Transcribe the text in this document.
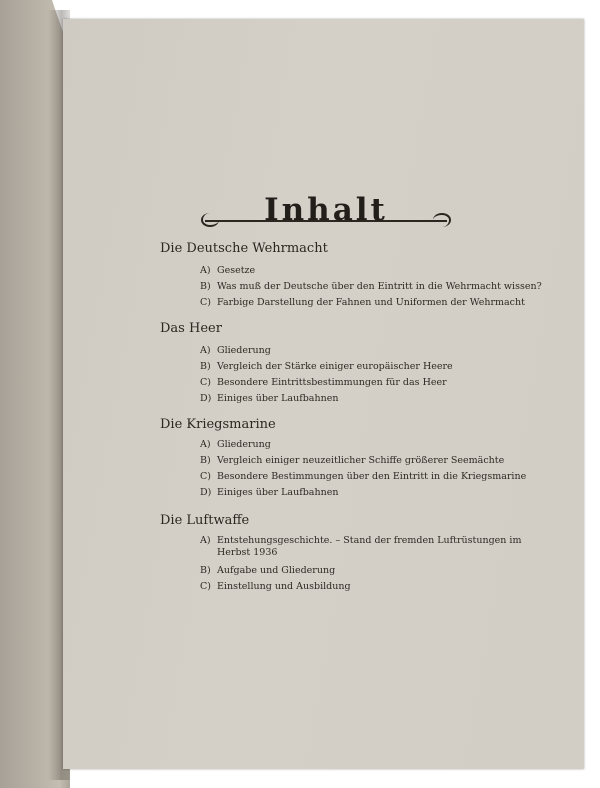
Inhalt
Die Deutsche Wehrmacht
A) Gesetze
B) Was muß der Deutsche über den Eintritt in die Wehrmacht wissen?
C) Farbige Darstellung der Fahnen und Uniformen der Wehrmacht
Das Heer
A) Gliederung
B) Vergleich der Stärke einiger europäischer Heere
C) Besondere Eintrittsbestimmungen für das Heer
D) Einiges über Laufbahnen
Die Kriegsmarine
A) Gliederung
B) Vergleich einiger neuzeitlicher Schiffe größerer Seemächte
C) Besondere Bestimmungen über den Eintritt in die Kriegsmarine
D) Einiges über Laufbahnen
Die Luftwaffe
A) Entstehungsgeschichte. – Stand der fremden Luftrüstungen im
Herbst 1936
B) Aufgabe und Gliederung
C) Einstellung und Ausbildung
